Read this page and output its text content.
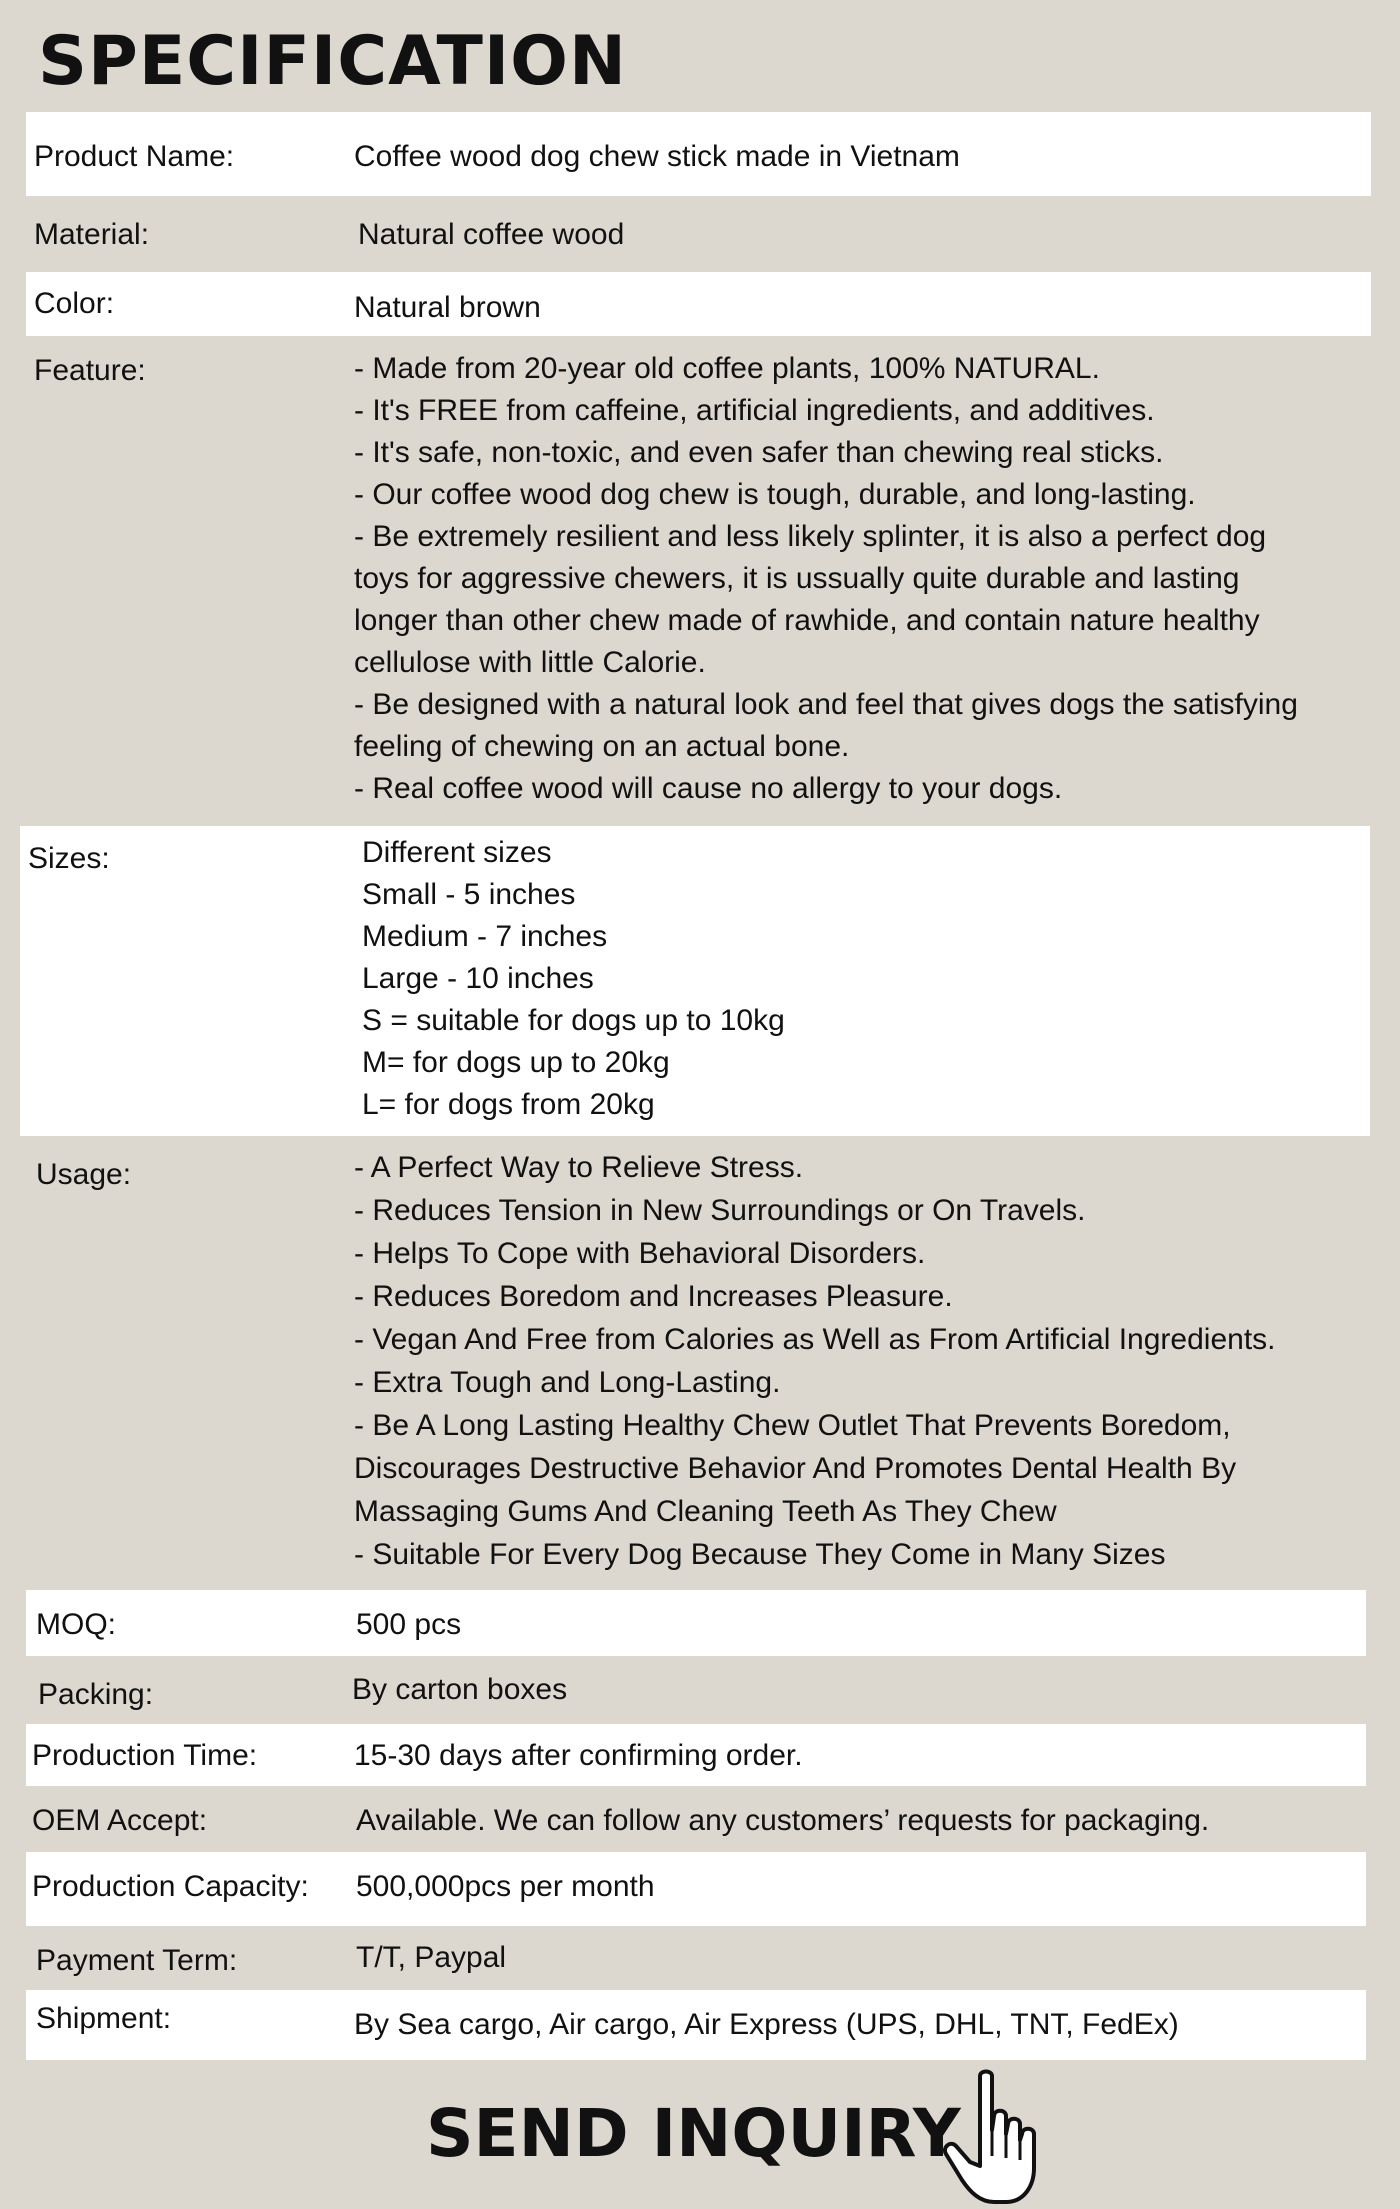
SPECIFICATION
Product Name:	Coffee wood dog chew stick made in Vietnam
Material:	Natural coffee wood
Color:	Natural brown
Feature:	- Made from 20-year old coffee plants, 100% NATURAL.
- It's FREE from caffeine, artificial ingredients, and additives.
- It's safe, non-toxic, and even safer than chewing real sticks.
- Our coffee wood dog chew is tough, durable, and long-lasting.
- Be extremely resilient and less likely splinter, it is also a perfect dog
toys for aggressive chewers, it is ussually quite durable and lasting
longer than other chew made of rawhide, and contain nature healthy
cellulose with little Calorie.
- Be designed with a natural look and feel that gives dogs the satisfying
feeling of chewing on an actual bone.
- Real coffee wood will cause no allergy to your dogs.
Sizes:	Different sizes
Small - 5 inches
Medium - 7 inches
Large - 10 inches
S = suitable for dogs up to 10kg
M= for dogs up to 20kg
L= for dogs from 20kg
Usage:	- A Perfect Way to Relieve Stress.
- Reduces Tension in New Surroundings or On Travels.
- Helps To Cope with Behavioral Disorders.
- Reduces Boredom and Increases Pleasure.
- Vegan And Free from Calories as Well as From Artificial Ingredients.
- Extra Tough and Long-Lasting.
- Be A Long Lasting Healthy Chew Outlet That Prevents Boredom,
Discourages Destructive Behavior And Promotes Dental Health By
Massaging Gums And Cleaning Teeth As They Chew
- Suitable For Every Dog Because They Come in Many Sizes
MOQ:	500 pcs
Packing:	By carton boxes
Production Time:	15-30 days after confirming order.
OEM Accept:	Available. We can follow any customers’ requests for packaging.
Production Capacity: 500,000pcs per month
Payment Term:	T/T, Paypal
Shipment:	By Sea cargo, Air cargo, Air Express (UPS, DHL, TNT, FedEx)
SEND INQUIRY
